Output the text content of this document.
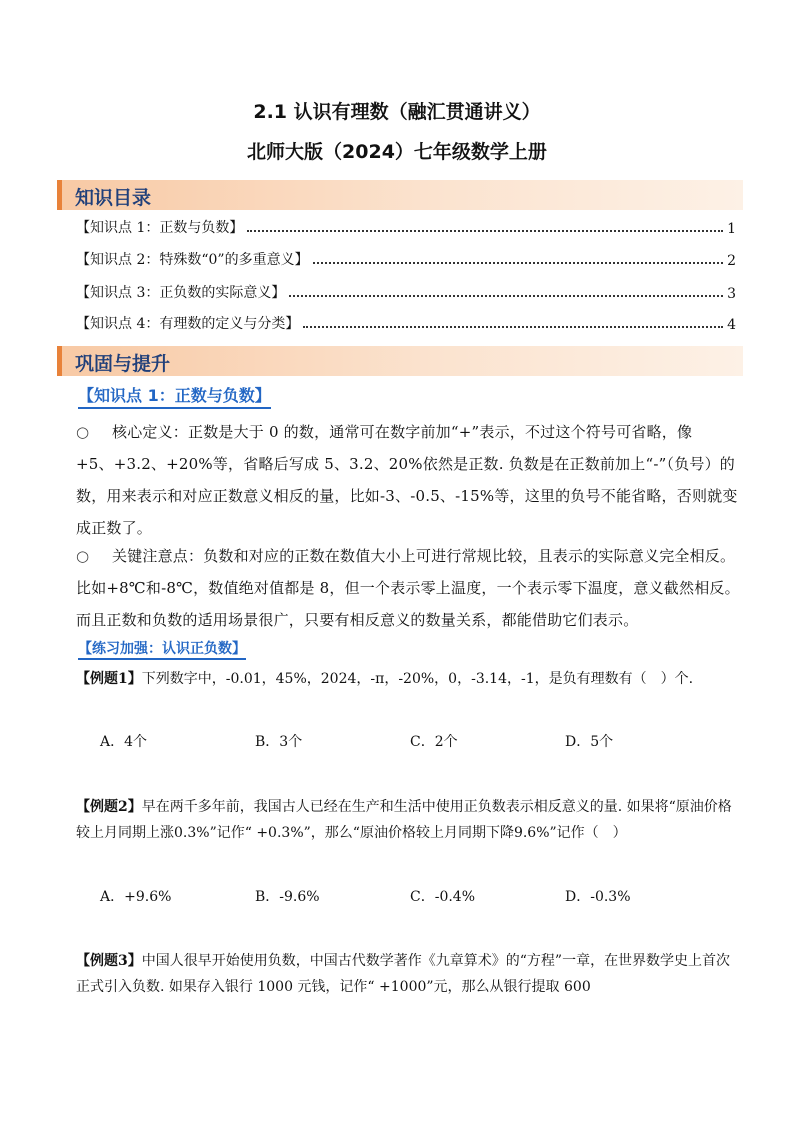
2.1 认识有理数（融汇贯通讲义）
北师大版（2024）七年级数学上册
知识目录
【知识点 1：正数与负数】	1
【知识点 2：特殊数“0”的多重意义】	2
【知识点 3：正负数的实际意义】	3
【知识点 4：有理数的定义与分类】	4
巩固与提升
【知识点 1：正数与负数】
○ 核心定义：正数是大于 0 的数，通常可在数字前加“+”表示，不过这个符号可省略，像+5、+3.2、+20%等，省略后写成 5、3.2、20%依然是正数. 负数是在正数前加上“-”（负号）的数，用来表示和对应正数意义相反的量，比如-3、-0.5、-15%等，这里的负号不能省略，否则就变成正数了。
○ 关键注意点：负数和对应的正数在数值大小上可进行常规比较，且表示的实际意义完全相反。比如+8℃和-8℃，数值绝对值都是 8，但一个表示零上温度，一个表示零下温度，意义截然相反。而且正数和负数的适用场景很广，只要有相反意义的数量关系，都能借助它们表示。
【练习加强：认识正负数】
【例题1】下列数字中，-0.01，45%，2024，-π，-20%，0，-3.14，-1，是负有理数有（　）个.
A．4个	B．3个	C．2个	D．5个
【例题2】早在两千多年前，我国古人已经在生产和生活中使用正负数表示相反意义的量. 如果将“原油价格较上月同期上涨0.3%”记作“ +0.3%”，那么“原油价格较上月同期下降9.6%”记作（　）
A．+9.6%	B．-9.6%	C．-0.4%	D．-0.3%
【例题3】中国人很早开始使用负数，中国古代数学著作《九章算术》的“方程”一章，在世界数学史上首次正式引入负数. 如果存入银行 1000 元钱，记作“ +1000”元，那么从银行提取 600
